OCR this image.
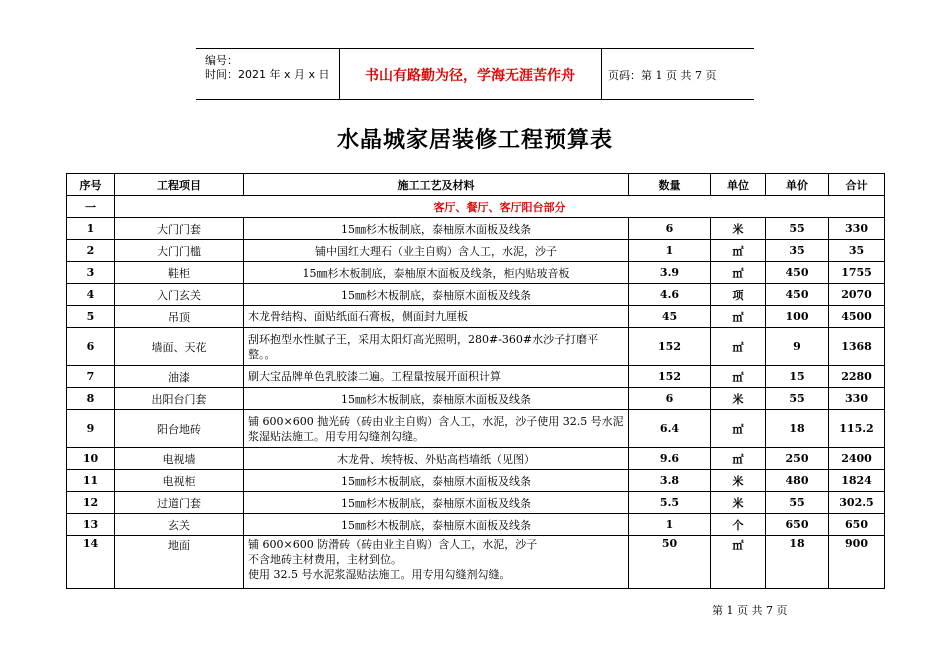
编号：
时间：2021 年 x 月 x 日	书山有路勤为径，学海无涯苦作舟	页码：第 1 页 共 7 页
水晶城家居装修工程预算表
序号	工程项目	施工工艺及材料	数量	单位	单价	合计
一	客厅、餐厅、客厅阳台部分					
1	大门门套	15㎜杉木板制底，泰柚原木面板及线条	6	米	55	330
2	大门门槛	铺中国红大理石（业主自购）含人工，水泥，沙子	1	㎡	35	35
3	鞋柜	15㎜杉木板制底，泰柚原木面板及线条，柜内贴玻音板	3.9	㎡	450	1755
4	入门玄关	15㎜杉木板制底，泰柚原木面板及线条	4.6	项	450	2070
5	吊顶	木龙骨结构、面贴纸面石膏板，侧面封九厘板	45	㎡	100	4500
6	墙面、天花	刮环抱型水性腻子王，采用太阳灯高光照明，280#-360#水沙子打磨平整。。	152	㎡	9	1368
7	油漆	刷大宝品牌单色乳胶漆二遍。工程量按展开面积计算	152	㎡	15	2280
8	出阳台门套	15㎜杉木板制底，泰柚原木面板及线条	6	米	55	330
9	阳台地砖	铺 600×600 抛光砖（砖由业主自购）含人工，水泥，沙子使用 32.5 号水泥浆湿贴法施工。用专用勾缝剂勾缝。	6.4	㎡	18	115.2
10	电视墙	木龙骨、埃特板、外贴高档墙纸（见图）	9.6	㎡	250	2400
11	电视柜	15㎜杉木板制底，泰柚原木面板及线条	3.8	米	480	1824
12	过道门套	15㎜杉木板制底，泰柚原木面板及线条	5.5	米	55	302.5
13	玄关	15㎜杉木板制底，泰柚原木面板及线条	1	个	650	650
14	地面	铺 600×600 防滑砖（砖由业主自购）含人工，水泥，沙子
不含地砖主材费用，主材到位。
使用 32.5 号水泥浆湿贴法施工。用专用勾缝剂勾缝。	50	㎡	18	900
第 1 页 共 7 页
